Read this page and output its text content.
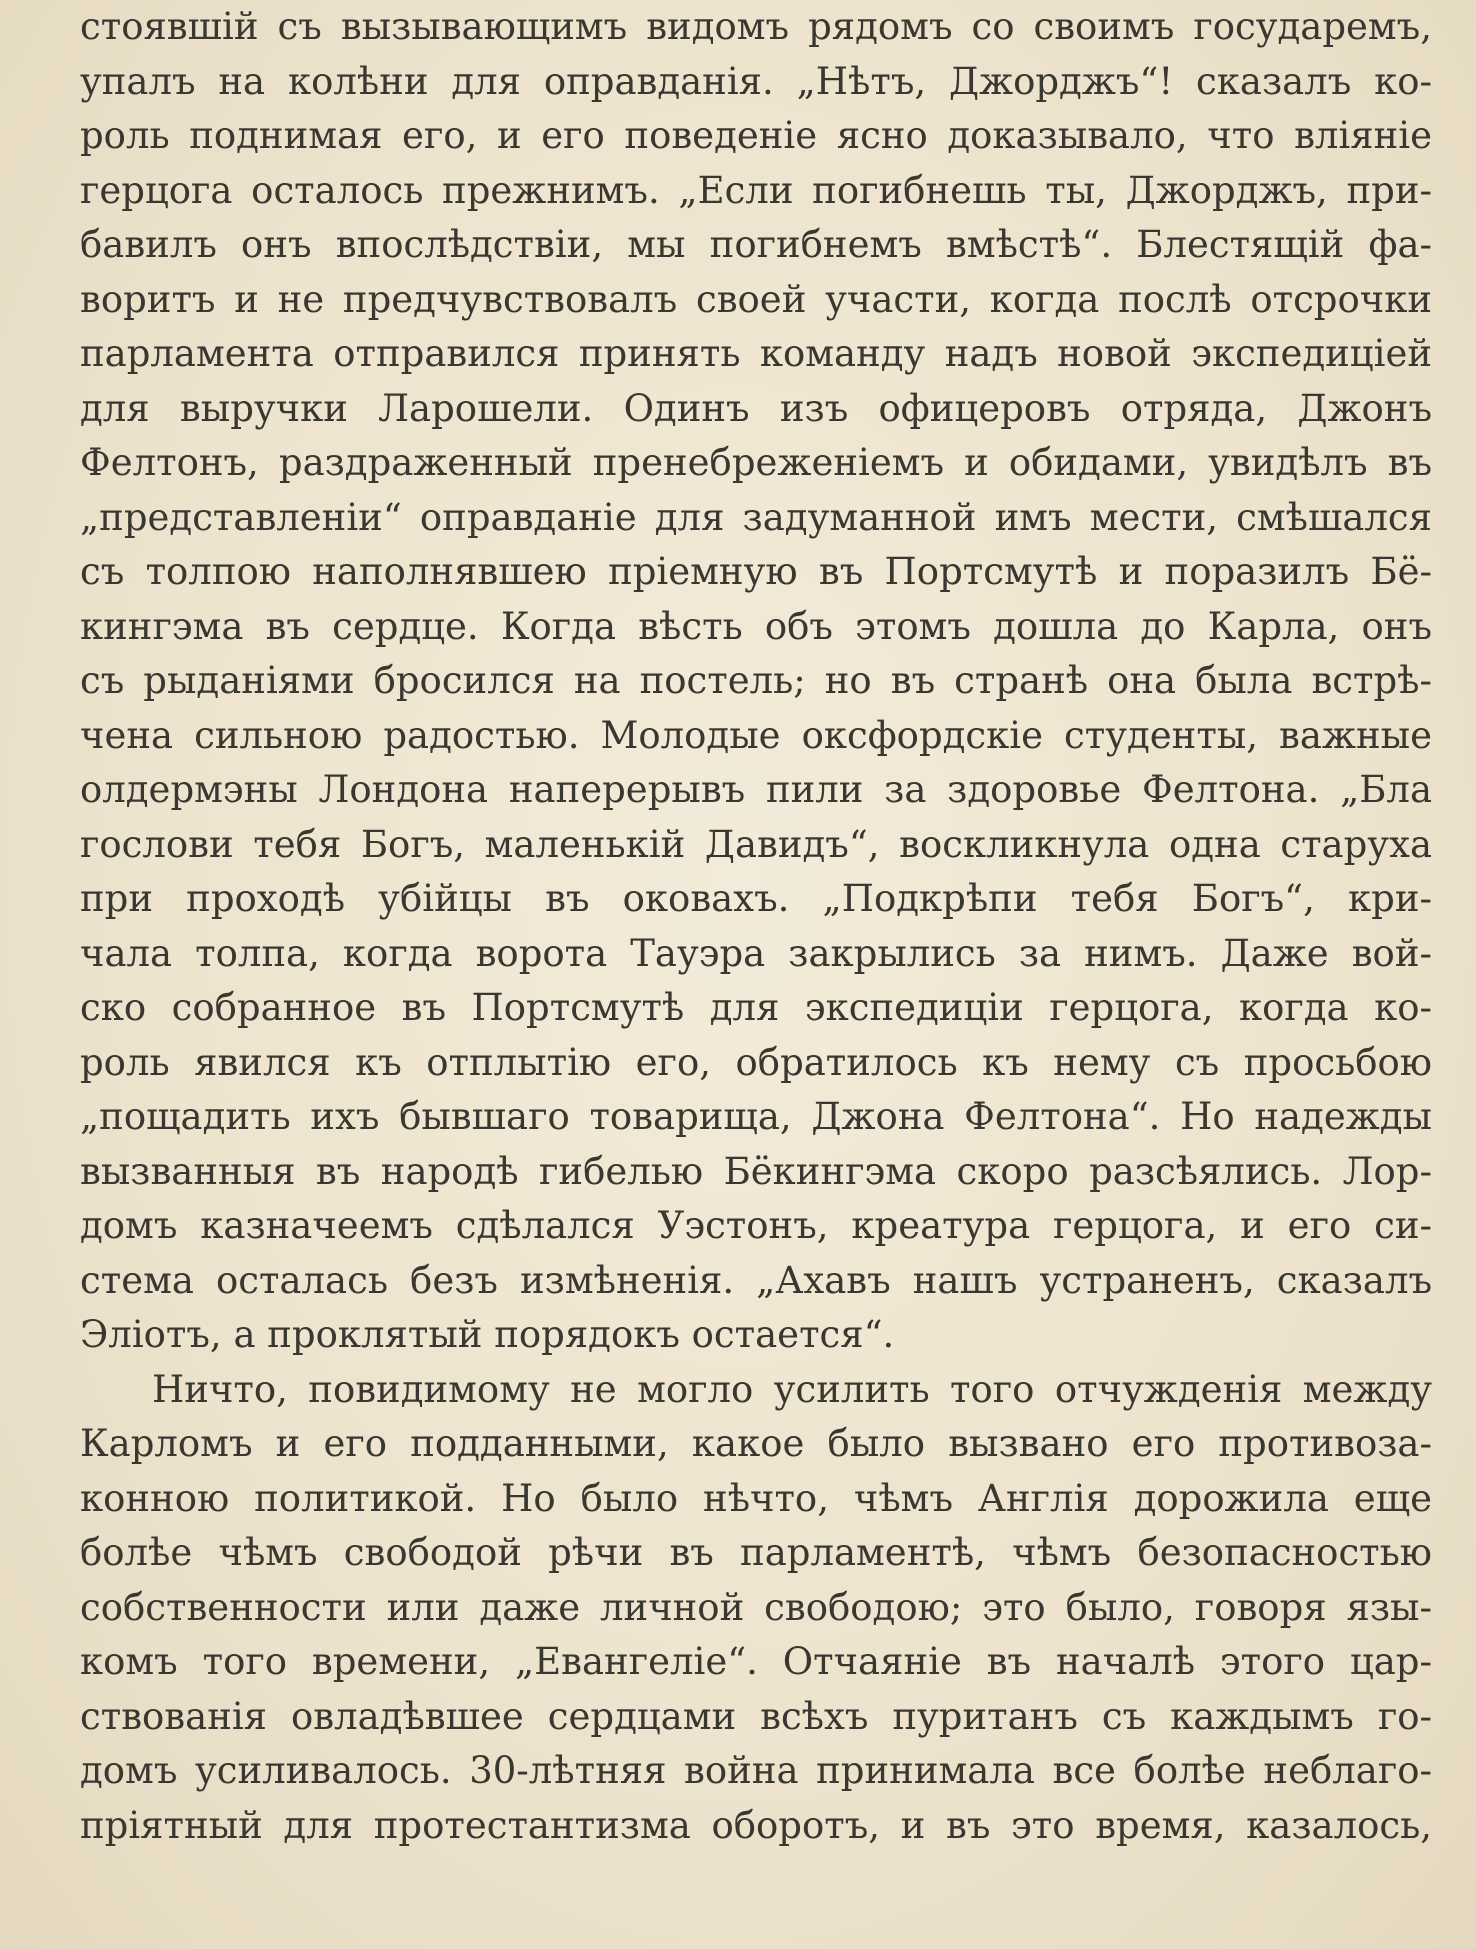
стоявшій съ вызывающимъ видомъ рядомъ со своимъ государемъ,
упалъ на колѣни для оправданія. „Нѣтъ, Джорджъ“! сказалъ ко-
роль поднимая его, и его поведеніе ясно доказывало, что вліяніе
герцога осталось прежнимъ. „Если погибнешь ты, Джорджъ, при-
бавилъ онъ впослѣдствіи, мы погибнемъ вмѣстѣ“. Блестящій фа-
воритъ и не предчувствовалъ своей участи, когда послѣ отсрочки
парламента отправился принять команду надъ новой экспедиціей
для выручки Ларошели. Одинъ изъ офицеровъ отряда, Джонъ
Фелтонъ, раздраженный пренебреженіемъ и обидами, увидѣлъ въ
„представленіи“ оправданіе для задуманной имъ мести, смѣшался
съ толпою наполнявшею пріемную въ Портсмутѣ и поразилъ Бё-
кингэма въ сердце. Когда вѣсть объ этомъ дошла до Карла, онъ
съ рыданіями бросился на постель; но въ странѣ она была встрѣ-
чена сильною радостью. Молодые оксфордскіе студенты, важные
олдермэны Лондона наперерывъ пили за здоровье Фелтона. „Бла
гослови тебя Богъ, маленькій Давидъ“, воскликнула одна старуха
при проходѣ убійцы въ оковахъ. „Подкрѣпи тебя Богъ“, кри-
чала толпа, когда ворота Тауэра закрылись за нимъ. Даже вой-
ско собранное въ Портсмутѣ для экспедиціи герцога, когда ко-
роль явился къ отплытію его, обратилось къ нему съ просьбою
„пощадить ихъ бывшаго товарища, Джона Фелтона“. Но надежды
вызванныя въ народѣ гибелью Бёкингэма скоро разсѣялись. Лор-
домъ казначеемъ сдѣлался Уэстонъ, креатура герцога, и его си-
стема осталась безъ измѣненія. „Ахавъ нашъ устраненъ, сказалъ
Элiотъ, а проклятый порядокъ остается“.
Ничто, повидимому не могло усилить того отчужденія между
Карломъ и его подданными, какое было вызвано его противоза-
конною политикой. Но было нѣчто, чѣмъ Англія дорожила еще
болѣе чѣмъ свободой рѣчи въ парламентѣ, чѣмъ безопасностью
собственности или даже личной свободою; это было, говоря язы-
комъ того времени, „Евангеліе“. Отчаяніе въ началѣ этого цар-
ствованія овладѣвшее сердцами всѣхъ пуританъ съ каждымъ го-
домъ усиливалось. 30-лѣтняя война принимала все болѣе неблаго-
пріятный для протестантизма оборотъ, и въ это время, казалось,
